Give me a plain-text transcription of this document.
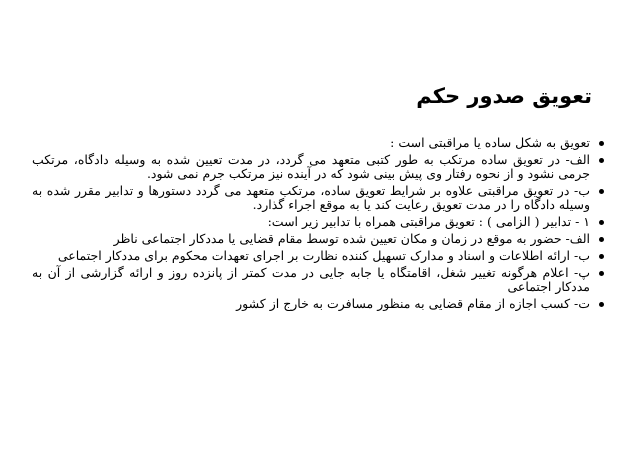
تعویق صدور حکم
تعویق به شکل ساده یا مراقبتی است :
الف- در تعویق ساده مرتکب به طور کتبی متعهد می گردد، در مدت تعیین شده به وسیله دادگاه، مرتکب جرمی نشود و از نحوه رفتار وی پیش بینی شود که در آینده نیز مرتکب جرم نمی شود.
ب- در تعویق مراقبتی علاوه بر شرایط تعویق ساده، مرتکب متعهد می گردد دستورها و تدابیر مقرر شده به وسیله دادگاه را در مدت تعویق رعایت کند یا به موقع اجراء گذارد.
۱ - تدابیر ( الزامی ) : تعویق مراقبتی همراه با تدابیر زیر است:
الف- حضور به موقع در زمان و مکان تعیین شده توسط مقام قضایی یا مددکار اجتماعی ناظر
ب- ارائه اطلاعات و اسناد و مدارک تسهیل کننده نظارت بر اجرای تعهدات محکوم برای مددکار اجتماعی
پ- اعلام هرگونه تغییر شغل، اقامتگاه یا جابه جایی در مدت کمتر از پانزده روز و ارائه گزارشی از آن به مددکار اجتماعی
ت- کسب اجازه از مقام قضایی به منظور مسافرت به خارج از کشور
